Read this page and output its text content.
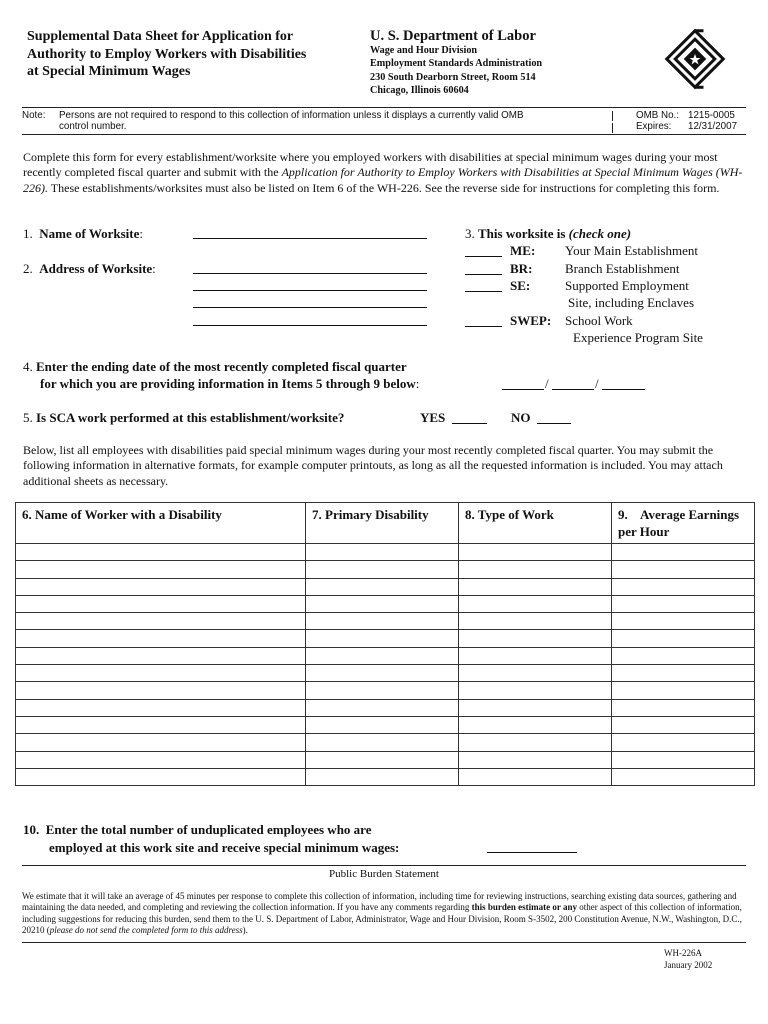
Supplemental Data Sheet for Application for
Authority to Employ Workers with Disabilities
at Special Minimum Wages
U. S. Department of Labor
Wage and Hour Division
Employment Standards Administration
230 South Dearborn Street, Room 514
Chicago, Illinois 60604
Note: Persons are not required to respond to this collection of information unless it displays a currently valid OMB
control number.
OMB No.: 1215-0005
Expires: 12/31/2007
Complete this form for every establishment/worksite where you employed workers with disabilities at special minimum wages during your most recently completed fiscal quarter and submit with the Application for Authority to Employ Workers with Disabilities at Special Minimum Wages (WH-226). These establishments/worksites must also be listed on Item 6 of the WH-226. See the reverse side for instructions for completing this form.
1. Name of Worksite:
2. Address of Worksite:
3. This worksite is (check one)
ME: Your Main Establishment
BR:	Branch Establishment
SE:	Supported Employment
Site, including Enclaves
SWEP: School Work
Experience Program Site
4. Enter the ending date of the most recently completed fiscal quarter
for which you are providing information in Items 5 through 9 below:	/	/
5. Is SCA work performed at this establishment/worksite?	YES	NO
Below, list all employees with disabilities paid special minimum wages during your most recently completed fiscal quarter. You may submit the following information in alternative formats, for example computer printouts, as long as all the requested information is included. You may attach additional sheets as necessary.
6. Name of Worker with a Disability	7. Primary Disability	8. Type of Work	9.    Average Earnings per Hour

10. Enter the total number of unduplicated employees who are
employed at this work site and receive special minimum wages:
Public Burden Statement
We estimate that it will take an average of 45 minutes per response to complete this collection of information, including time for reviewing instructions, searching existing data sources, gathering and maintaining the data needed, and completing and reviewing the collection information. If you have any comments regarding this burden estimate or any other aspect of this collection of information, including suggestions for reducing this burden, send them to the U. S. Department of Labor, Administrator, Wage and Hour Division, Room S-3502, 200 Constitution Avenue, N.W., Washington, D.C., 20210 (please do not send the completed form to this address).
WH-226A
January 2002
